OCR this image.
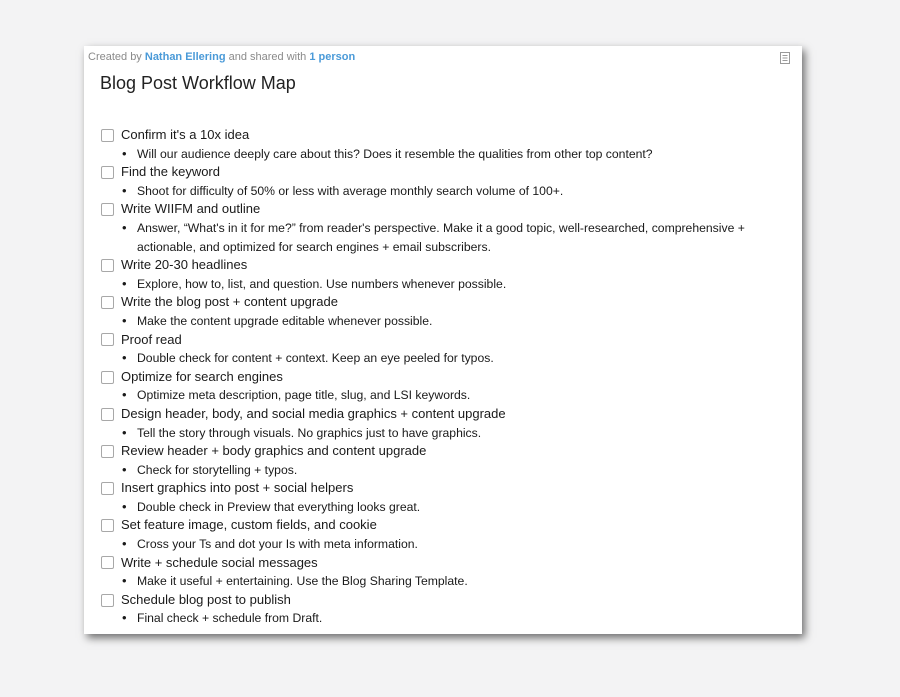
Created by Nathan Ellering and shared with 1 person
Blog Post Workflow Map
Confirm it's a 10x idea
• Will our audience deeply care about this? Does it resemble the qualities from other top content?
Find the keyword
• Shoot for difficulty of 50% or less with average monthly search volume of 100+.
Write WIIFM and outline
• Answer, “What's in it for me?” from reader's perspective. Make it a good topic, well-researched, comprehensive + actionable, and optimized for search engines + email subscribers.
Write 20-30 headlines
• Explore, how to, list, and question. Use numbers whenever possible.
Write the blog post + content upgrade
• Make the content upgrade editable whenever possible.
Proof read
• Double check for content + context. Keep an eye peeled for typos.
Optimize for search engines
• Optimize meta description, page title, slug, and LSI keywords.
Design header, body, and social media graphics + content upgrade
• Tell the story through visuals. No graphics just to have graphics.
Review header + body graphics and content upgrade
• Check for storytelling + typos.
Insert graphics into post + social helpers
• Double check in Preview that everything looks great.
Set feature image, custom fields, and cookie
• Cross your Ts and dot your Is with meta information.
Write + schedule social messages
• Make it useful + entertaining. Use the Blog Sharing Template.
Schedule blog post to publish
• Final check + schedule from Draft.
